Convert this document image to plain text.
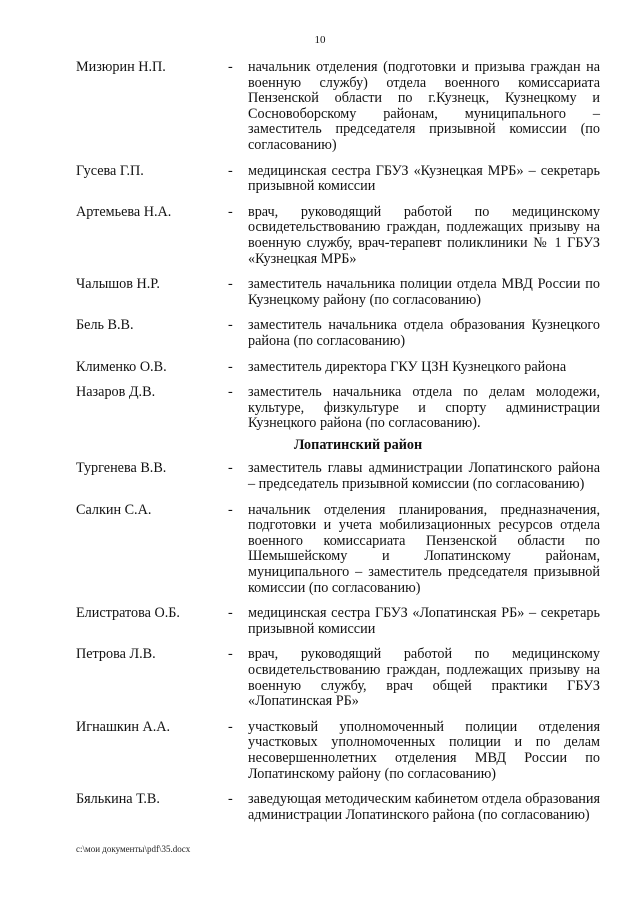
10
Мизюрин Н.П.	-	начальник отделения (подготовки и призыва граждан на военную службу) отдела военного комиссариата Пензенской области по г.Кузнецк, Кузнецкому и Сосновоборскому районам, муниципального – заместитель председателя призывной комиссии (по согласованию)
Гусева Г.П.	-	медицинская сестра ГБУЗ «Кузнецкая МРБ» – секретарь призывной комиссии
Артемьева Н.А.	-	врач, руководящий работой по медицинскому освидетельствованию граждан, подлежащих призыву на военную службу, врач-терапевт поликлиники № 1 ГБУЗ «Кузнецкая МРБ»
Чалышов Н.Р.	-	заместитель начальника полиции отдела МВД России по Кузнецкому району (по согласованию)
Бель В.В.	-	заместитель начальника отдела образования Кузнецкого района (по согласованию)
Клименко О.В.	-	заместитель директора ГКУ ЦЗН Кузнецкого района
Назаров Д.В.	-	заместитель начальника отдела по делам молодежи, культуре, физкультуре и спорту администрации Кузнецкого района (по согласованию).
Лопатинский район
Тургенева В.В.	-	заместитель главы администрации Лопатинского района – председатель призывной комиссии (по согласованию)
Салкин С.А.	-	начальник отделения планирования, предназначения, подготовки и учета мобилизационных ресурсов отдела военного комиссариата Пензенской области по Шемышейскому и Лопатинскому районам, муниципального – заместитель председателя призывной комиссии (по согласованию)
Елистратова О.Б.	-	медицинская сестра ГБУЗ «Лопатинская РБ» – секретарь призывной комиссии
Петрова Л.В.	-	врач, руководящий работой по медицинскому освидетельствованию граждан, подлежащих призыву на военную службу, врач общей практики ГБУЗ «Лопатинская РБ»
Игнашкин А.А.	-	участковый уполномоченный полиции отделения участковых уполномоченных полиции и по делам несовершеннолетних отделения МВД России по Лопатинскому району (по согласованию)
Бялькина Т.В.	-	заведующая методическим кабинетом отдела образования администрации Лопатинского района (по согласованию)
c:\мои документы\pdf\35.docx
